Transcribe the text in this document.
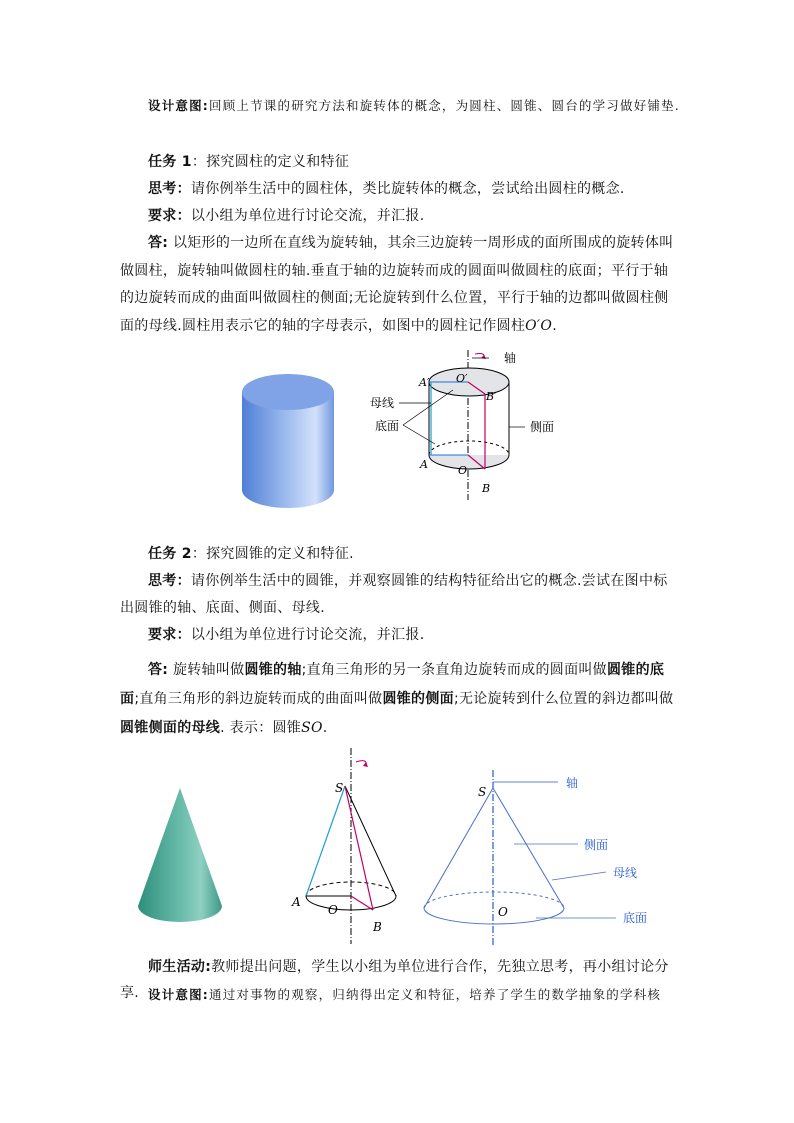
设计意图:回顾上节课的研究方法和旋转体的概念，为圆柱、圆锥、圆台的学习做好铺垫.

任务 1：探究圆柱的定义和特征

思考：请你例举生活中的圆柱体，类比旋转体的概念，尝试给出圆柱的概念.

要求：以小组为单位进行讨论交流，并汇报.

答: 以矩形的一边所在直线为旋转轴，其余三边旋转一周形成的面所围成的旋转体叫做圆柱，旋转轴叫做圆柱的轴.垂直于轴的边旋转而成的圆面叫做圆柱的底面；平行于轴的边旋转而成的曲面叫做圆柱的侧面;无论旋转到什么位置，平行于轴的边都叫做圆柱侧面的母线.圆柱用表示它的轴的字母表示，如图中的圆柱记作圆柱O′O.

轴
母线
底面	侧面
A′ O′
B′
A	O
B

任务 2：探究圆锥的定义和特征.

思考：请你例举生活中的圆锥，并观察圆锥的结构特征给出它的概念.尝试在图中标出圆锥的轴、底面、侧面、母线.

要求：以小组为单位进行讨论交流，并汇报.

答: 旋转轴叫做圆锥的轴;直角三角形的另一条直角边旋转而成的圆面叫做圆锥的底面;直角三角形的斜边旋转而成的曲面叫做圆锥的侧面;无论旋转到什么位置的斜边都叫做圆锥侧面的母线. 表示：圆锥SO.

S
A
O
B
轴
侧面
母线
底面
S
O

师生活动:教师提出问题，学生以小组为单位进行合作，先独立思考，再小组讨论分享. 设计意图:通过对事物的观察，归纳得出定义和特征，培养了学生的数学抽象的学科核
